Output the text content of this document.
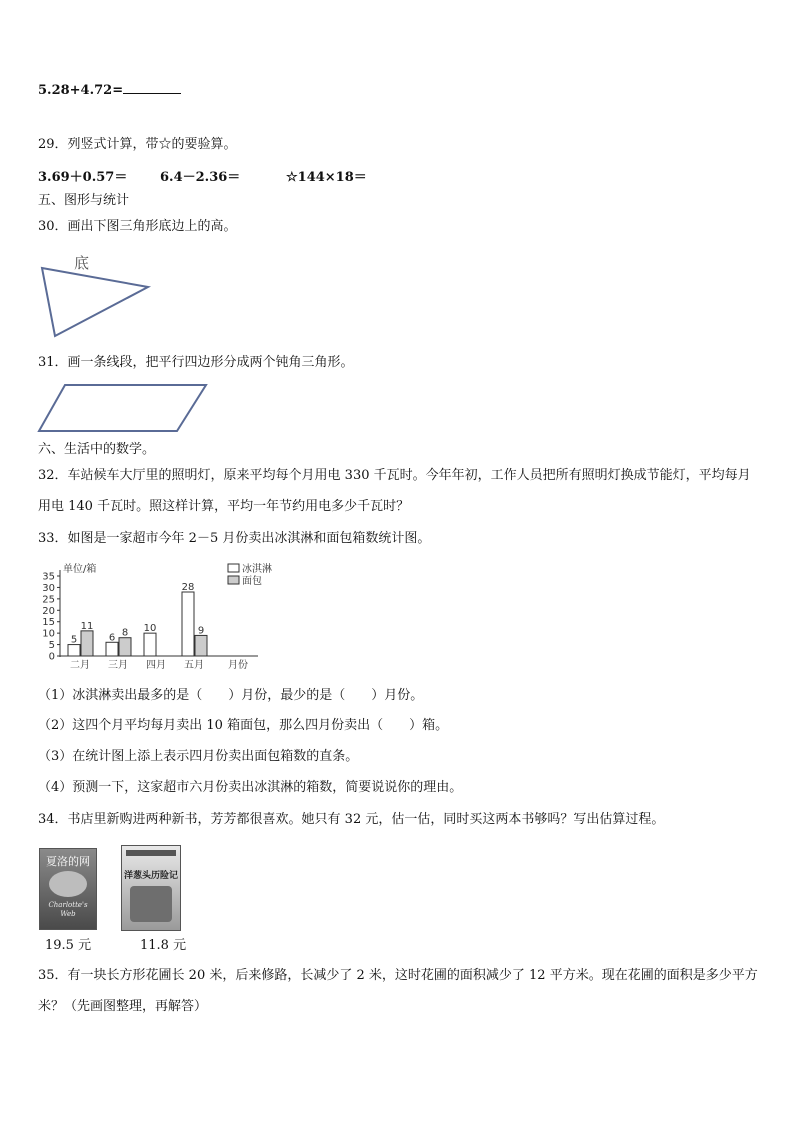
5.28+4.72=
29．列竖式计算，带☆的要验算。
3.69＋0.57＝	6.4－2.36＝	☆144×18＝
五、图形与统计
30．画出下图三角形底边上的高。
底
31．画一条线段，把平行四边形分成两个钝角三角形。
六、生活中的数学。
32．车站候车大厅里的照明灯，原来平均每个月用电 330 千瓦时。今年年初，工作人员把所有照明灯换成节能灯，平均每月用电 140 千瓦时。照这样计算，平均一年节约用电多少千瓦时？
33．如图是一家超市今年 2－5 月份卖出冰淇淋和面包箱数统计图。
0
5
10
15
20
25
30
35
单位/箱
二月 三月 四月 五月 月份
5
11
6 8 10
28
9
冰淇淋
面包
（1）冰淇淋卖出最多的是（　　）月份，最少的是（　　）月份。
（2）这四个月平均每月卖出 10 箱面包，那么四月份卖出（　　）箱。
（3）在统计图上添上表示四月份卖出面包箱数的直条。
（4）预测一下，这家超市六月份卖出冰淇淋的箱数，简要说说你的理由。
34．书店里新购进两种新书，芳芳都很喜欢。她只有 32 元，估一估，同时买这两本书够吗？写出估算过程。
夏洛的网
Charlotte's Web
19.5 元
洋葱头历险记
11.8 元
35．有一块长方形花圃长 20 米，后来修路，长减少了 2 米，这时花圃的面积减少了 12 平方米。现在花圃的面积是多少平方米？（先画图整理，再解答）
